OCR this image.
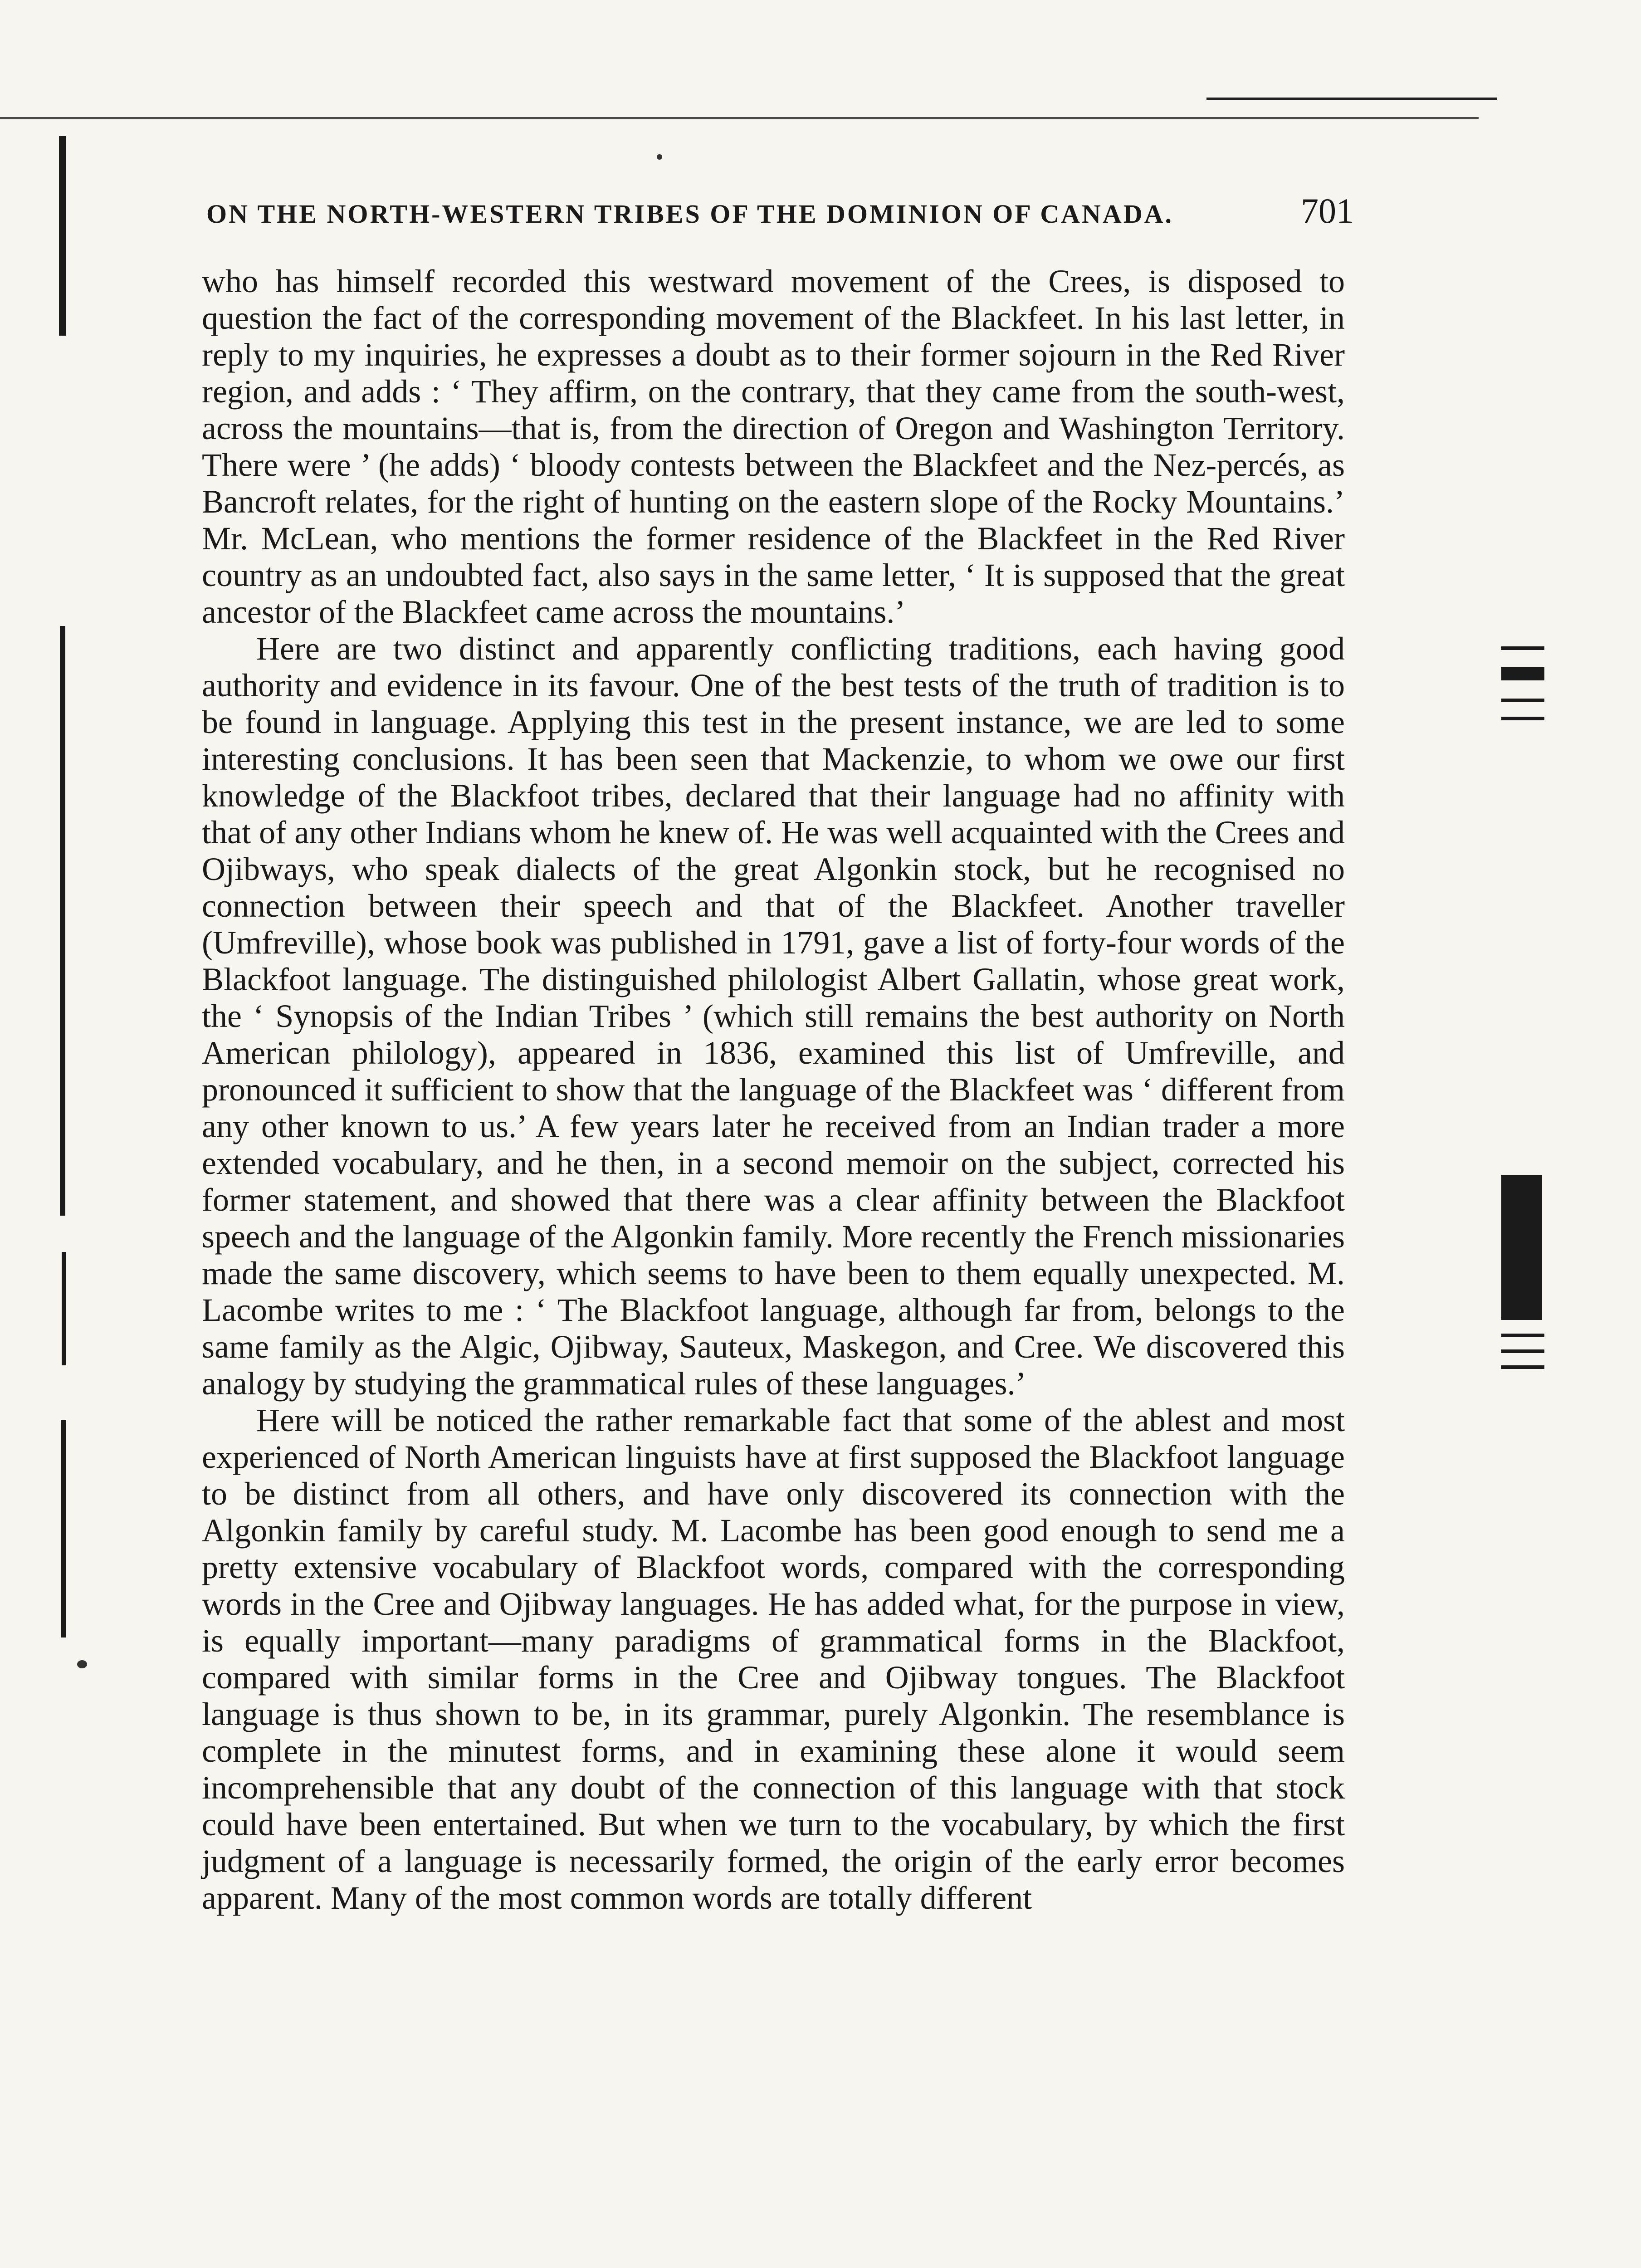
ON THE NORTH-WESTERN TRIBES OF THE DOMINION OF CANADA.	701

who has himself recorded this westward movement of the Crees, is disposed to question the fact of the corresponding movement of the Blackfeet. In his last letter, in reply to my inquiries, he expresses a doubt as to their former sojourn in the Red River region, and adds : ‘ They affirm, on the contrary, that they came from the south-west, across the mountains—that is, from the direction of Oregon and Washington Territory. There were ’ (he adds) ‘ bloody contests between the Blackfeet and the Nez-percés, as Bancroft relates, for the right of hunting on the eastern slope of the Rocky Mountains.’ Mr. McLean, who mentions the former residence of the Blackfeet in the Red River country as an undoubted fact, also says in the same letter, ‘ It is supposed that the great ancestor of the Blackfeet came across the mountains.’

Here are two distinct and apparently conflicting traditions, each having good authority and evidence in its favour. One of the best tests of the truth of tradition is to be found in language. Applying this test in the present instance, we are led to some interesting conclusions. It has been seen that Mackenzie, to whom we owe our first knowledge of the Blackfoot tribes, declared that their language had no affinity with that of any other Indians whom he knew of. He was well acquainted with the Crees and Ojibways, who speak dialects of the great Algonkin stock, but he recognised no connection between their speech and that of the Blackfeet. Another traveller (Umfreville), whose book was published in 1791, gave a list of forty-four words of the Blackfoot language. The distinguished philologist Albert Gallatin, whose great work, the ‘ Synopsis of the Indian Tribes ’ (which still remains the best authority on North American philology), appeared in 1836, examined this list of Umfreville, and pronounced it sufficient to show that the language of the Blackfeet was ‘ different from any other known to us.’ A few years later he received from an Indian trader a more extended vocabulary, and he then, in a second memoir on the subject, corrected his former statement, and showed that there was a clear affinity between the Blackfoot speech and the language of the Algonkin family. More recently the French missionaries made the same discovery, which seems to have been to them equally unexpected. M. Lacombe writes to me : ‘ The Blackfoot language, although far from, belongs to the same family as the Algic, Ojibway, Sauteux, Maskegon, and Cree. We discovered this analogy by studying the grammatical rules of these languages.’

Here will be noticed the rather remarkable fact that some of the ablest and most experienced of North American linguists have at first supposed the Blackfoot language to be distinct from all others, and have only discovered its connection with the Algonkin family by careful study. M. Lacombe has been good enough to send me a pretty extensive vocabulary of Blackfoot words, compared with the corresponding words in the Cree and Ojibway languages. He has added what, for the purpose in view, is equally important—many paradigms of grammatical forms in the Blackfoot, compared with similar forms in the Cree and Ojibway tongues. The Blackfoot language is thus shown to be, in its grammar, purely Algonkin. The resemblance is complete in the minutest forms, and in examining these alone it would seem incomprehensible that any doubt of the connection of this language with that stock could have been entertained. But when we turn to the vocabulary, by which the first judgment of a language is necessarily formed, the origin of the early error becomes apparent. Many of the most common words are totally different
